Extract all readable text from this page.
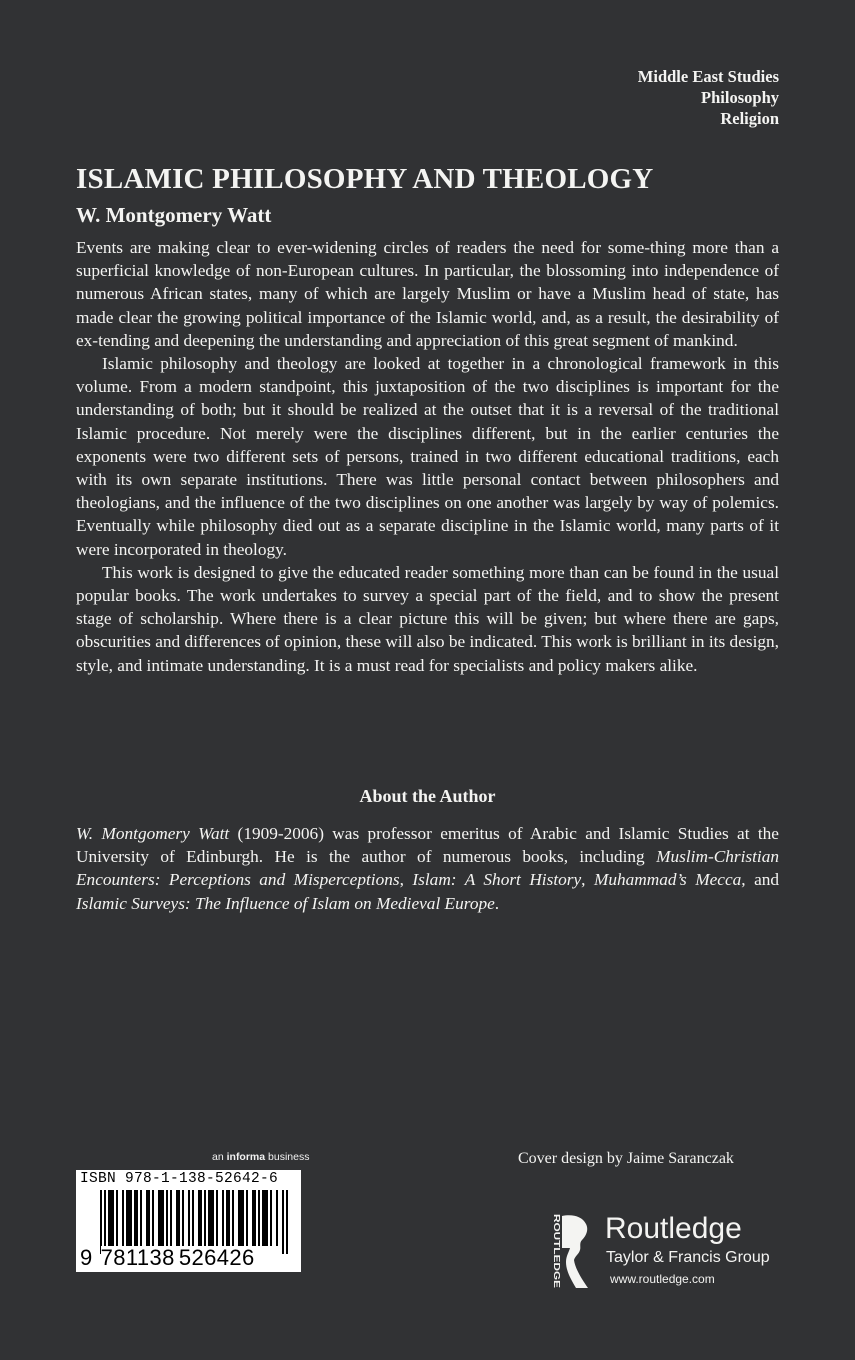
Middle East Studies
Philosophy
Religion
ISLAMIC PHILOSOPHY AND THEOLOGY
W. Montgomery Watt

Events are making clear to ever-widening circles of readers the need for some-thing more than a superficial knowledge of non-European cultures. In particular, the blossoming into independence of numerous African states, many of which are largely Muslim or have a Muslim head of state, has made clear the growing political importance of the Islamic world, and, as a result, the desirability of ex-tending and deepening the understanding and appreciation of this great segment of mankind.

Islamic philosophy and theology are looked at together in a chronological framework in this volume. From a modern standpoint, this juxtaposition of the two disciplines is important for the understanding of both; but it should be realized at the outset that it is a reversal of the traditional Islamic procedure. Not merely were the disciplines different, but in the earlier centuries the exponents were two different sets of persons, trained in two different educational traditions, each with its own separate institutions. There was little personal contact between philosophers and theologians, and the influence of the two disciplines on one another was largely by way of polemics. Eventually while philosophy died out as a separate discipline in the Islamic world, many parts of it were incorporated in theology.

This work is designed to give the educated reader something more than can be found in the usual popular books. The work undertakes to survey a special part of the field, and to show the present stage of scholarship. Where there is a clear picture this will be given; but where there are gaps, obscurities and differences of opinion, these will also be indicated. This work is brilliant in its design, style, and intimate understanding. It is a must read for specialists and policy makers alike.

About the Author

W. Montgomery Watt (1909-2006) was professor emeritus of Arabic and Islamic Studies at the University of Edinburgh. He is the author of numerous books, including Muslim-Christian Encounters: Perceptions and Misperceptions, Islam: A Short History, Muhammad’s Mecca, and Islamic Surveys: The Influence of Islam on Medieval Europe.

an informa business
ISBN 978-1-138-52642-6
9 781138 526426
Cover design by Jaime Saranczak
ROUTLEDGE Routledge
Taylor & Francis Group
www.routledge.com
